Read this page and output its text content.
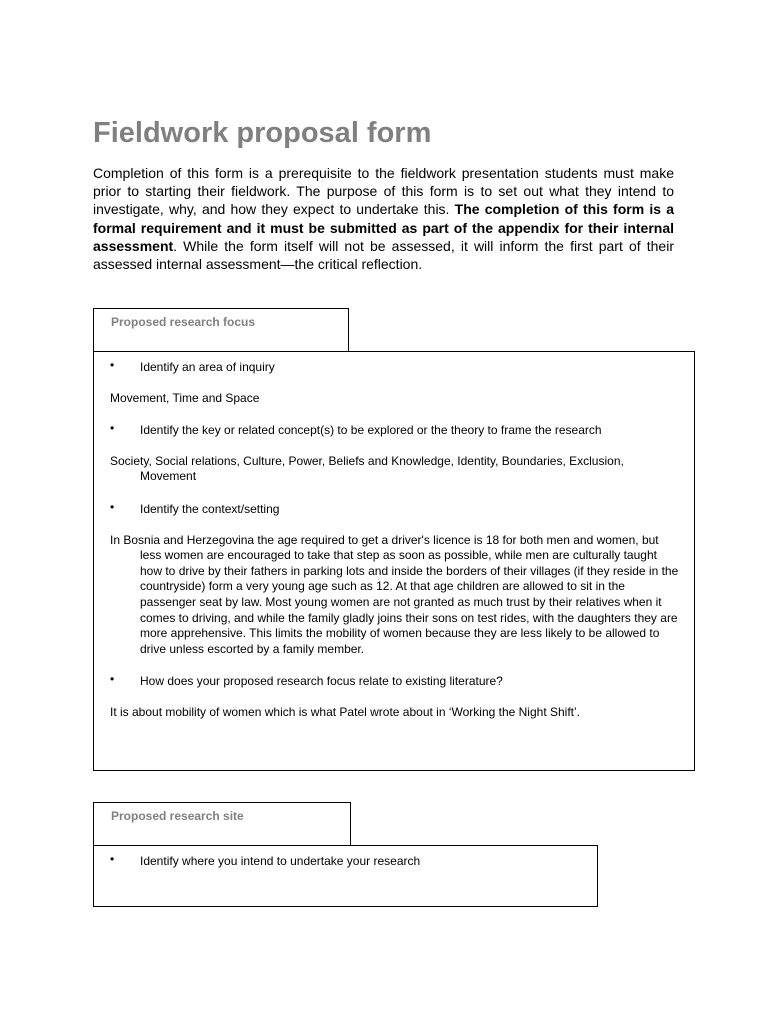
Fieldwork proposal form

Completion of this form is a prerequisite to the fieldwork presentation students must make prior to starting their fieldwork. The purpose of this form is to set out what they intend to investigate, why, and how they expect to undertake this. The completion of this form is a formal requirement and it must be submitted as part of the appendix for their internal assessment. While the form itself will not be assessed, it will inform the first part of their assessed internal assessment—the critical reflection.

Proposed research focus

• Identify an area of inquiry

Movement, Time and Space

• Identify the key or related concept(s) to be explored or the theory to frame the research

Society, Social relations, Culture, Power, Beliefs and Knowledge, Identity, Boundaries, Exclusion, Movement

• Identify the context/setting

In Bosnia and Herzegovina the age required to get a driver's licence is 18 for both men and women, but less women are encouraged to take that step as soon as possible, while men are culturally taught how to drive by their fathers in parking lots and inside the borders of their villages (if they reside in the countryside) form a very young age such as 12. At that age children are allowed to sit in the passenger seat by law. Most young women are not granted as much trust by their relatives when it comes to driving, and while the family gladly joins their sons on test rides, with the daughters they are more apprehensive. This limits the mobility of women because they are less likely to be allowed to drive unless escorted by a family member.

• How does your proposed research focus relate to existing literature?

It is about mobility of women which is what Patel wrote about in ‘Working the Night Shift’.

Proposed research site

• Identify where you intend to undertake your research
